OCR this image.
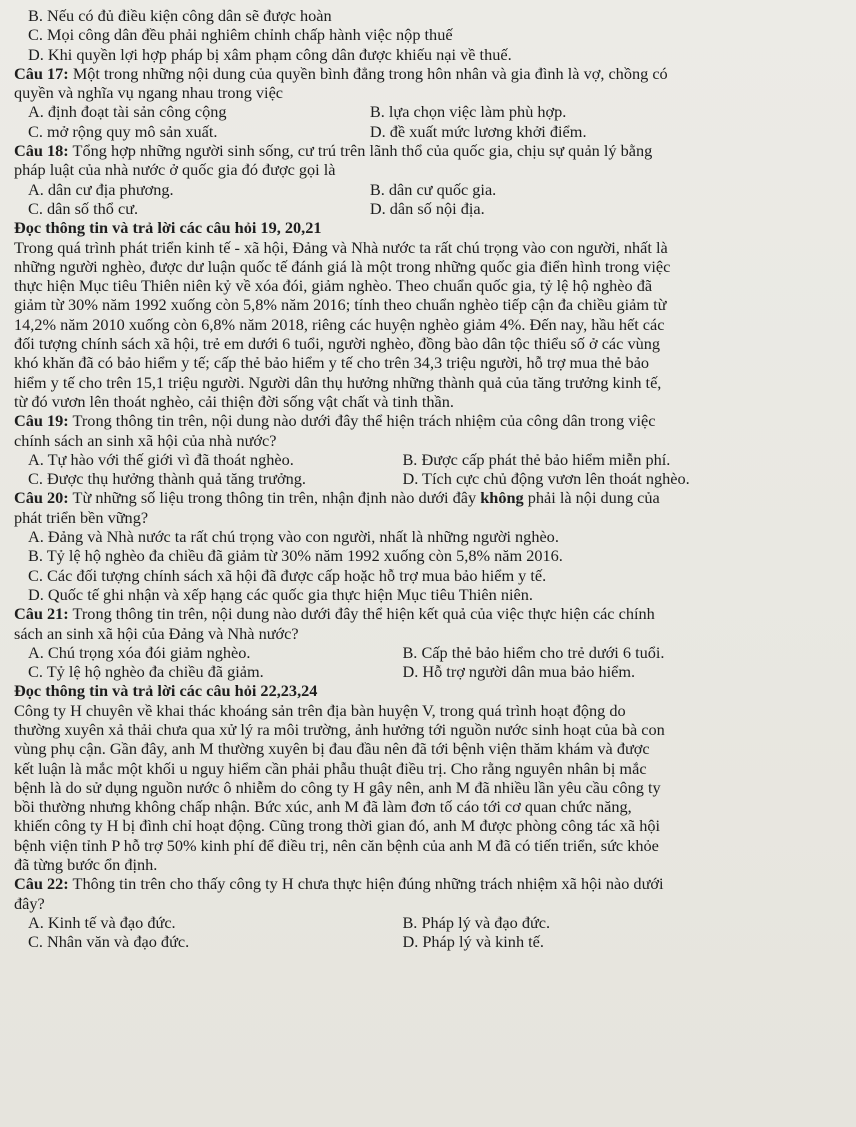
B. Nếu có đủ điều kiện công dân sẽ được hoàn
C. Mọi công dân đều phải nghiêm chỉnh chấp hành việc nộp thuế
D. Khi quyền lợi hợp pháp bị xâm phạm công dân được khiếu nại về thuế.
Câu 17: Một trong những nội dung của quyền bình đẳng trong hôn nhân và gia đình là vợ, chồng có
quyền và nghĩa vụ ngang nhau trong việc
A. định đoạt tài sản công cộng	B. lựa chọn việc làm phù hợp.
C. mở rộng quy mô sản xuất.	D. đề xuất mức lương khởi điểm.
Câu 18: Tổng hợp những người sinh sống, cư trú trên lãnh thổ của quốc gia, chịu sự quản lý bằng
pháp luật của nhà nước ở quốc gia đó được gọi là
A. dân cư địa phương.	B. dân cư quốc gia.
C. dân số thổ cư.	D. dân số nội địa.
Đọc thông tin và trả lời các câu hỏi 19, 20,21
Trong quá trình phát triển kinh tế - xã hội, Đảng và Nhà nước ta rất chú trọng vào con người, nhất là
những người nghèo, được dư luận quốc tế đánh giá là một trong những quốc gia điển hình trong việc
thực hiện Mục tiêu Thiên niên kỷ về xóa đói, giảm nghèo. Theo chuẩn quốc gia, tỷ lệ hộ nghèo đã
giảm từ 30% năm 1992 xuống còn 5,8% năm 2016; tính theo chuẩn nghèo tiếp cận đa chiều giảm từ
14,2% năm 2010 xuống còn 6,8% năm 2018, riêng các huyện nghèo giảm 4%. Đến nay, hầu hết các
đối tượng chính sách xã hội, trẻ em dưới 6 tuổi, người nghèo, đồng bào dân tộc thiểu số ở các vùng
khó khăn đã có bảo hiểm y tế; cấp thẻ bảo hiểm y tế cho trên 34,3 triệu người, hỗ trợ mua thẻ bảo
hiểm y tế cho trên 15,1 triệu người. Người dân thụ hưởng những thành quả của tăng trưởng kinh tế,
từ đó vươn lên thoát nghèo, cải thiện đời sống vật chất và tinh thần.
Câu 19: Trong thông tin trên, nội dung nào dưới đây thể hiện trách nhiệm của công dân trong việc
chính sách an sinh xã hội của nhà nước?
A. Tự hào với thế giới vì đã thoát nghèo.	B. Được cấp phát thẻ bảo hiểm miễn phí.
C. Được thụ hưởng thành quả tăng trưởng.	D. Tích cực chủ động vươn lên thoát nghèo.
Câu 20: Từ những số liệu trong thông tin trên, nhận định nào dưới đây không phải là nội dung của
phát triển bền vững?
A. Đảng và Nhà nước ta rất chú trọng vào con người, nhất là những người nghèo.
B. Tỷ lệ hộ nghèo đa chiều đã giảm từ 30% năm 1992 xuống còn 5,8% năm 2016.
C. Các đối tượng chính sách xã hội đã được cấp hoặc hỗ trợ mua bảo hiểm y tế.
D. Quốc tế ghi nhận và xếp hạng các quốc gia thực hiện Mục tiêu Thiên niên.
Câu 21: Trong thông tin trên, nội dung nào dưới đây thể hiện kết quả của việc thực hiện các chính
sách an sinh xã hội của Đảng và Nhà nước?
A. Chú trọng xóa đói giảm nghèo.	B. Cấp thẻ bảo hiểm cho trẻ dưới 6 tuổi.
C. Tỷ lệ hộ nghèo đa chiều đã giảm.	D. Hỗ trợ người dân mua bảo hiểm.
Đọc thông tin và trả lời các câu hỏi 22,23,24
Công ty H chuyên về khai thác khoáng sản trên địa bàn huyện V, trong quá trình hoạt động do
thường xuyên xả thải chưa qua xử lý ra môi trường, ảnh hưởng tới nguồn nước sinh hoạt của bà con
vùng phụ cận. Gần đây, anh M thường xuyên bị đau đầu nên đã tới bệnh viện thăm khám và được
kết luận là mắc một khối u nguy hiểm cần phải phẫu thuật điều trị. Cho rằng nguyên nhân bị mắc
bệnh là do sử dụng nguồn nước ô nhiễm do công ty H gây nên, anh M đã nhiều lần yêu cầu công ty
bồi thường nhưng không chấp nhận. Bức xúc, anh M đã làm đơn tố cáo tới cơ quan chức năng,
khiến công ty H bị đình chỉ hoạt động. Cũng trong thời gian đó, anh M được phòng công tác xã hội
bệnh viện tỉnh P hỗ trợ 50% kinh phí để điều trị, nên căn bệnh của anh M đã có tiến triển, sức khỏe
đã từng bước ổn định.
Câu 22: Thông tin trên cho thấy công ty H chưa thực hiện đúng những trách nhiệm xã hội nào dưới
đây?
A. Kinh tế và đạo đức.	B. Pháp lý và đạo đức.
C. Nhân văn và đạo đức.	D. Pháp lý và kinh tế.
